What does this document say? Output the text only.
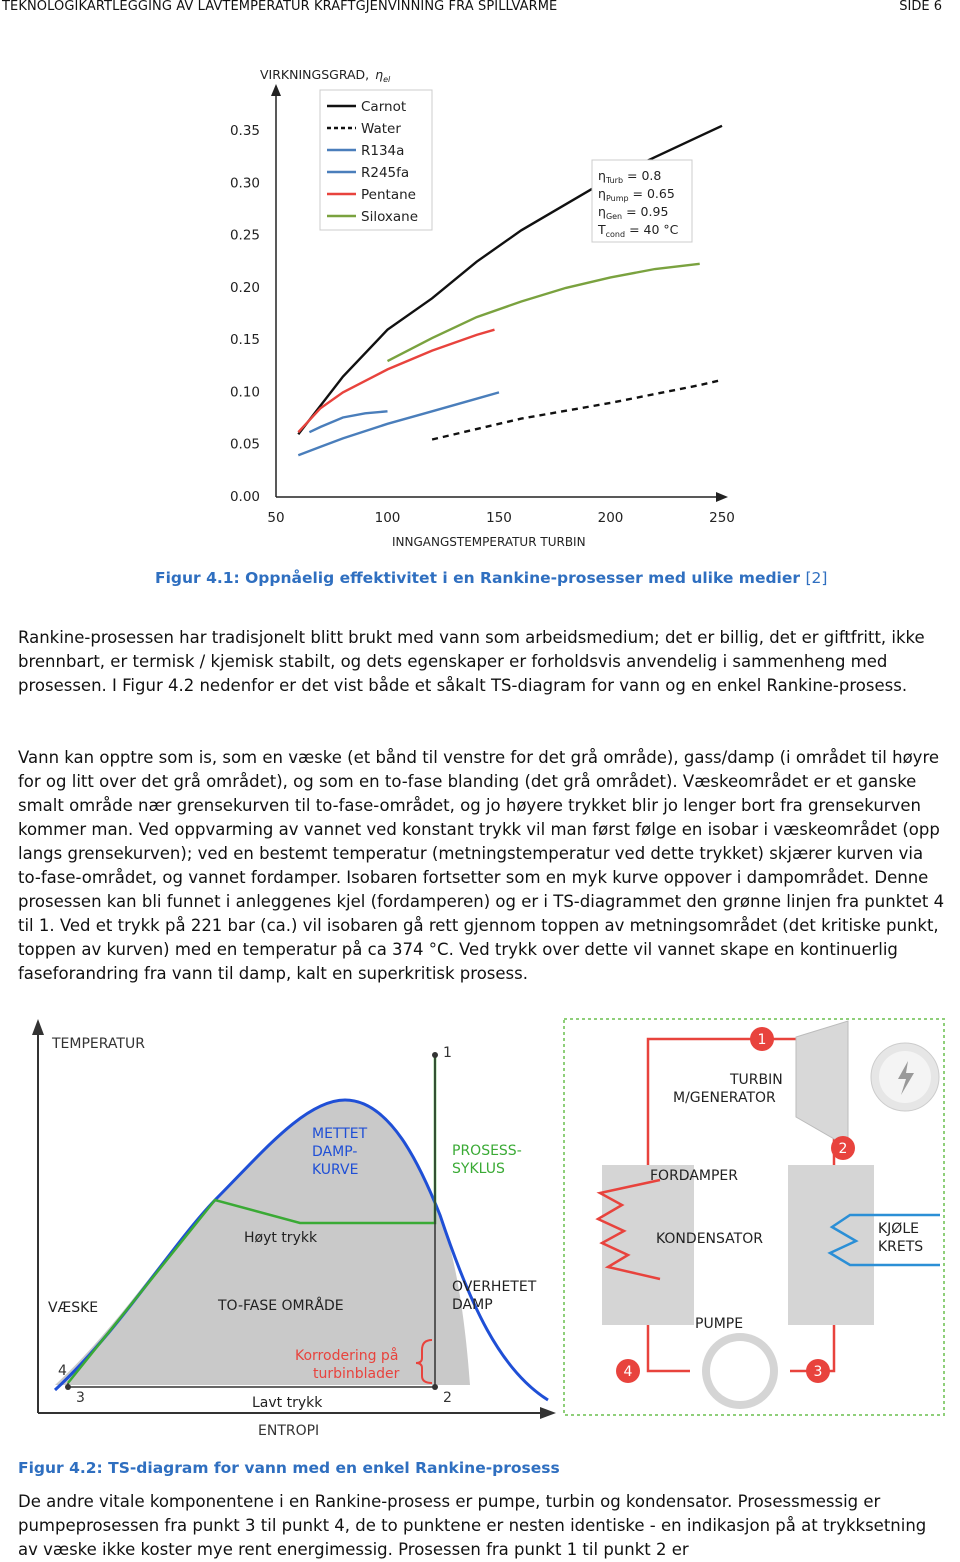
TEKNOLOGIKARTLEGGING AV LAVTEMPERATUR KRAFTGJENVINNING FRA SPILLVARME	SIDE 6
VIRKNINGSGRAD, $\eta_{el}$
0.00
0.05
0.10
0.15
0.20
0.25
0.30
0.35
50	100	150	200	250
INNGANGSTEMPERATUR TURBIN
Carnot
Water
R134a
R245fa
Pentane
Siloxane
$\eta_{Turb} = 0.8$
$\eta_{Pump} = 0.65$
$\eta_{Gen} = 0.95$
$T_{cond} = 40$ °C
Figur 4.1: Oppnåelig effektivitet i en Rankine-prosesser med ulike medier [2]

Rankine-prosessen har tradisjonelt blitt brukt med vann som arbeidsmedium; det er billig, det er giftfritt, ikke brennbart, er termisk / kjemisk stabilt, og dets egenskaper er forholdsvis anvendelig i sammenheng med prosessen. I Figur 4.2 nedenfor er det vist både et såkalt TS-diagram for vann og en enkel Rankine-prosess.

Vann kan opptre som is, som en væske (et bånd til venstre for det grå område), gass/damp (i området til høyre for og litt over det grå området), og som en to-fase blanding (det grå området). Væskeområdet er et ganske smalt område nær grensekurven til to-fase-området, og jo høyere trykket blir jo lenger bort fra grensekurven kommer man. Ved oppvarming av vannet ved konstant trykk vil man først følge en isobar i væskeområdet (opp langs grensekurven); ved en bestemt temperatur (metningstemperatur ved dette trykket) skjærer kurven via to-fase-området, og vannet fordamper. Isobaren fortsetter som en myk kurve oppover i dampområdet. Denne prosessen kan bli funnet i anleggenes kjel (fordamperen) og er i TS-diagrammet den grønne linjen fra punktet 4 til 1. Ved et trykk på 221 bar (ca.) vil isobaren gå rett gjennom toppen av metningsområdet (det kritiske punkt, toppen av kurven) med en temperatur på ca 374 °C. Ved trykk over dette vil vannet skape en kontinuerlig faseforandring fra vann til damp, kalt en superkritisk prosess.

TEMPERATUR
ENTROPI
1
2
3
4
METTET DAMP-KURVE
PROSESS-SYKLUS
Høyt trykk
VÆSKE	TO-FASE OMRÅDE
OVERHETET DAMP
Korrodering på turbinblader
Lavt trykk
TURBIN M/GENERATOR
FORDAMPER
KONDENSATOR
KJØLE KRETS
PUMPE
1
2
3
4
Figur 4.2: TS-diagram for vann med en enkel Rankine-prosess

De andre vitale komponentene i en Rankine-prosess er pumpe, turbin og kondensator. Prosessmessig er pumpeprosessen fra punkt 3 til punkt 4, de to punktene er nesten identiske - en indikasjon på at trykksetning av væske ikke koster mye rent energimessig. Prosessen fra punkt 1 til punkt 2 er
